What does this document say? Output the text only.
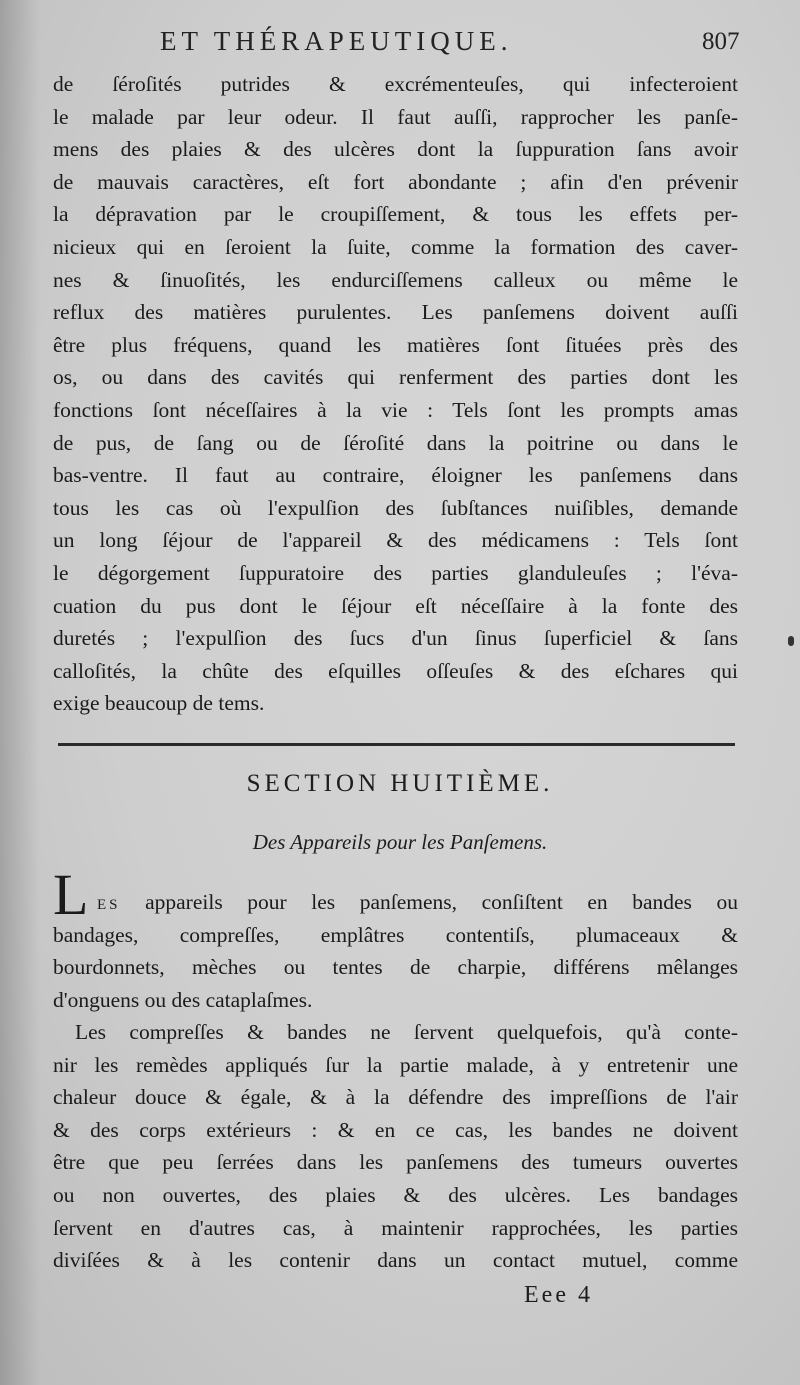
ET THÉRAPEUTIQUE.	807
de ſéroſités putrides & excrémenteuſes, qui infecteroient
le malade par leur odeur. Il faut auſſi, rapprocher les panſe-
mens des plaies & des ulcères dont la ſuppuration ſans avoir
de mauvais caractères, eſt fort abondante ; afin d'en prévenir
la dépravation par le croupiſſement, & tous les effets per-
nicieux qui en ſeroient la ſuite, comme la formation des caver-
nes & ſinuoſités, les endurciſſemens calleux ou même le
reflux des matières purulentes. Les panſemens doivent auſſi
être plus fréquens, quand les matières ſont ſituées près des
os, ou dans des cavités qui renferment des parties dont les
fonctions ſont néceſſaires à la vie : Tels ſont les prompts amas
de pus, de ſang ou de ſéroſité dans la poitrine ou dans le
bas-ventre. Il faut au contraire, éloigner les panſemens dans
tous les cas où l'expulſion des ſubſtances nuiſibles, demande
un long ſéjour de l'appareil & des médicamens : Tels ſont
le dégorgement ſuppuratoire des parties glanduleuſes ; l'éva-
cuation du pus dont le ſéjour eſt néceſſaire à la fonte des
duretés ; l'expulſion des ſucs d'un ſinus ſuperficiel & ſans
calloſités, la chûte des eſquilles oſſeuſes & des eſchares qui
exige beaucoup de tems.
SECTION HUITIÈME.
Des Appareils pour les Panſemens.
L ES appareils pour les panſemens, conſiſtent en bandes ou
bandages, compreſſes, emplâtres contentiſs, plumaceaux &
bourdonnets, mèches ou tentes de charpie, différens mêlanges
d'onguens ou des cataplaſmes.
Les compreſſes & bandes ne ſervent quelquefois, qu'à conte-
nir les remèdes appliqués ſur la partie malade, à y entretenir une
chaleur douce & égale, & à la défendre des impreſſions de l'air
& des corps extérieurs : & en ce cas, les bandes ne doivent
être que peu ſerrées dans les panſemens des tumeurs ouvertes
ou non ouvertes, des plaies & des ulcères. Les bandages
ſervent en d'autres cas, à maintenir rapprochées, les parties
diviſées & à les contenir dans un contact mutuel, comme
Eee 4
